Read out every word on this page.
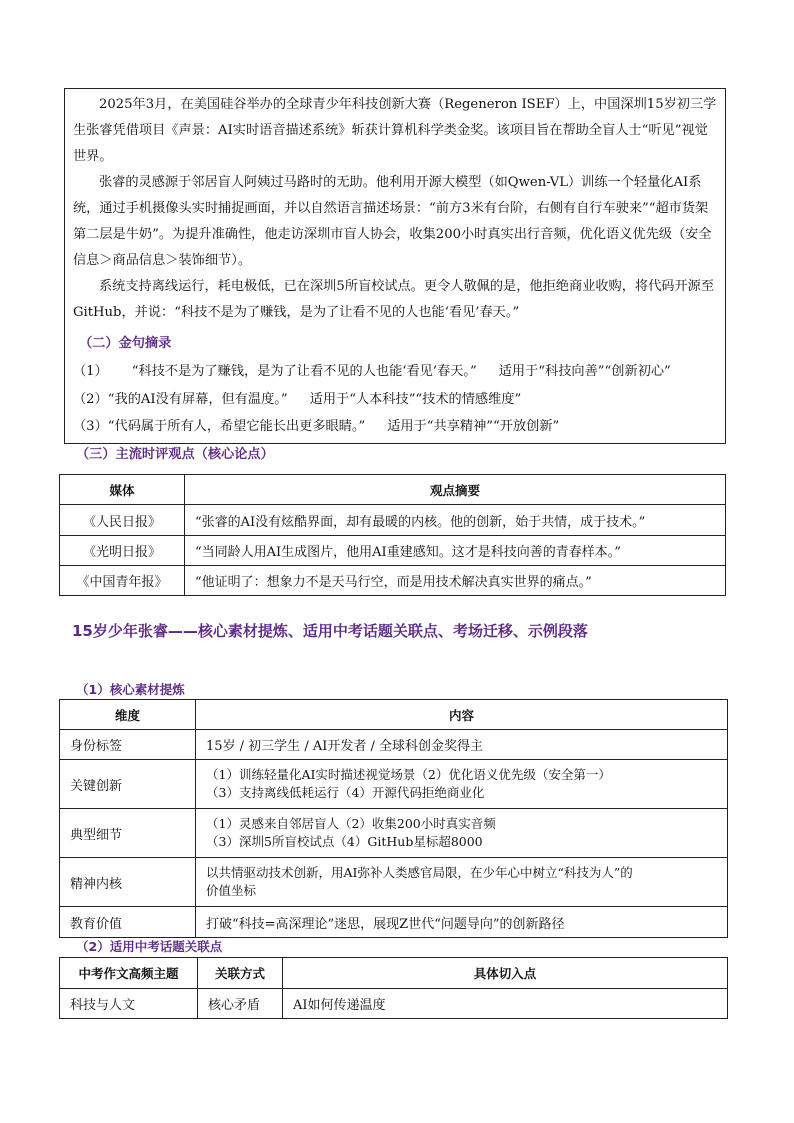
2025年3月，在美国硅谷举办的全球青少年科技创新大赛（Regeneron ISEF）上，中国深圳15岁初三学生张睿凭借项目《声景：AI实时语音描述系统》斩获计算机科学类金奖。该项目旨在帮助全盲人士“听见”视觉世界。

张睿的灵感源于邻居盲人阿姨过马路时的无助。他利用开源大模型（如Qwen-VL）训练一个轻量化AI系统，通过手机摄像头实时捕捉画面，并以自然语言描述场景：“前方3米有台阶，右侧有自行车驶来”“超市货架第二层是牛奶”。为提升准确性，他走访深圳市盲人协会，收集200小时真实出行音频，优化语义优先级（安全信息＞商品信息＞装饰细节）。

系统支持离线运行，耗电极低，已在深圳5所盲校试点。更令人敬佩的是，他拒绝商业收购，将代码开源至GitHub，并说：“科技不是为了赚钱，是为了让看不见的人也能‘看见’春天。”

（二）金句摘录
（1） “科技不是为了赚钱，是为了让看不见的人也能‘看见’春天。” 适用于“科技向善”“创新初心”
（2）“我的AI没有屏幕，但有温度。” 适用于“人本科技”“技术的情感维度”
（3）“代码属于所有人，希望它能长出更多眼睛。” 适用于“共享精神”“开放创新”
（三）主流时评观点（核心论点）
媒体	观点摘要
《人民日报》	“张睿的AI没有炫酷界面，却有最暖的内核。他的创新，始于共情，成于技术。”
《光明日报》	“当同龄人用AI生成图片，他用AI重建感知。这才是科技向善的青春样本。”
《中国青年报》	“他证明了：想象力不是天马行空，而是用技术解决真实世界的痛点。”
15岁少年张睿——核心素材提炼、适用中考话题关联点、考场迁移、示例段落
（1）核心素材提炼
维度	内容
身份标签	15岁 / 初三学生 / AI开发者 / 全球科创金奖得主
关键创新	（1）训练轻量化AI实时描述视觉场景（2）优化语义优先级（安全第一）
（3）支持离线低耗运行（4）开源代码拒绝商业化

典型细节	（1）灵感来自邻居盲人（2）收集200小时真实音频
（3）深圳5所盲校试点（4）GitHub星标超8000

精神内核	以共情驱动技术创新，用AI弥补人类感官局限，在少年心中树立“科技为人”的
价值坐标

教育价值	打破“科技=高深理论”迷思，展现Z世代“问题导向”的创新路径
（2）适用中考话题关联点
中考作文高频主题	关联方式	具体切入点
科技与人文	核心矛盾	AI如何传递温度
